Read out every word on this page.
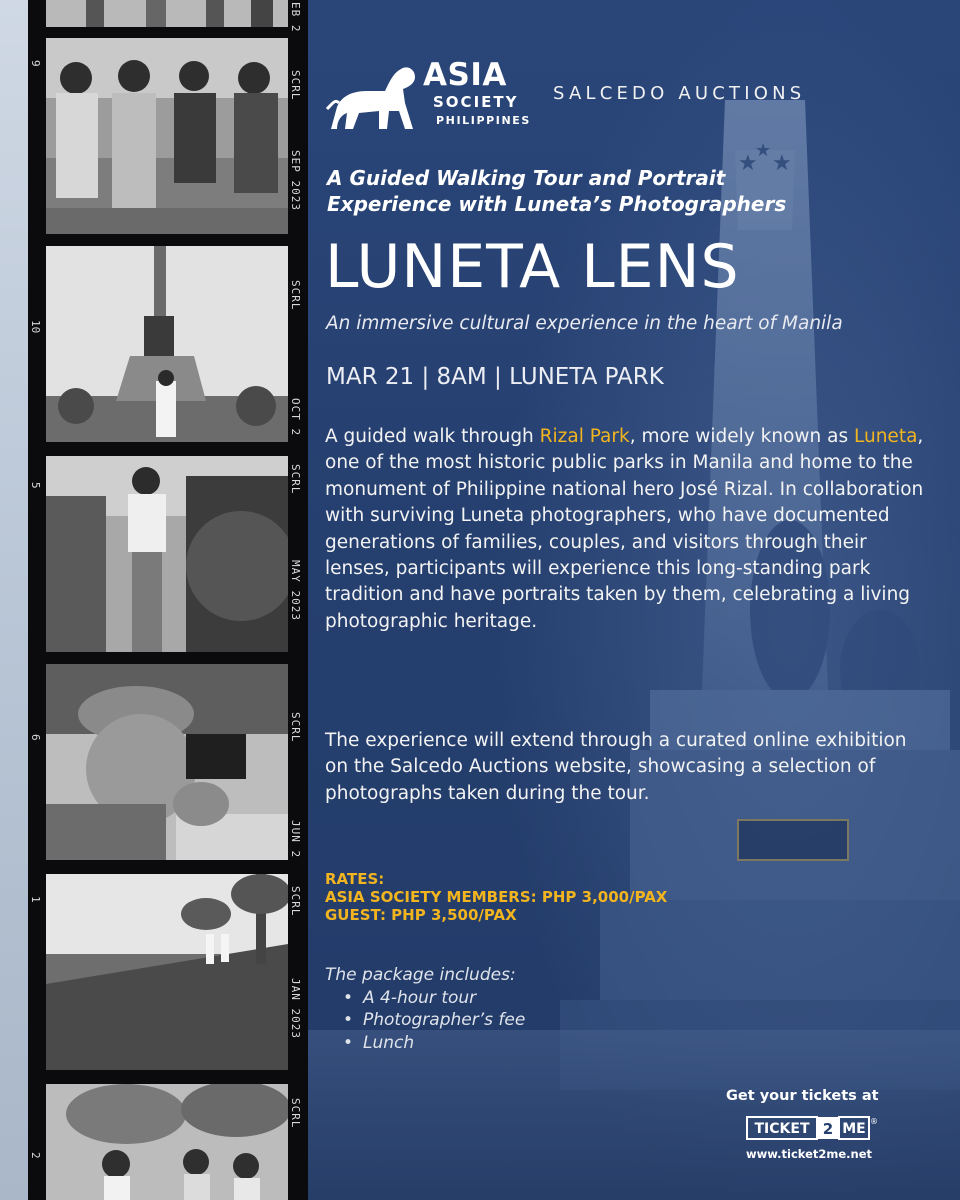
★ ★
★
EB 2
SCRL
SEP 2023
SCRL
OCT 2
SCRL
MAY 2023
SCRL
JUN 2
SCRL
JAN 2023
SCRL
9
10
5
6
1
2
ASIA
SOCIETY
PHILIPPINES
SALCEDO AUCTIONS
A Guided Walking Tour and Portrait
Experience with Luneta’s Photographers
LUNETA LENS
An immersive cultural experience in the heart of Manila
MAR 21 | 8AM | LUNETA PARK

A guided walk through Rizal Park, more widely known as Luneta, one of the most historic public parks in Manila and home to the monument of Philippine national hero José Rizal. In collaboration with surviving Luneta photographers, who have documented generations of families, couples, and visitors through their lenses, participants will experience this long-standing park tradition and have portraits taken by them, celebrating a living photographic heritage.

The experience will extend through a curated online exhibition on the Salcedo Auctions website, showcasing a selection of photographs taken during the tour.

RATES:
ASIA SOCIETY MEMBERS: PHP 3,000/PAX
GUEST: PHP 3,500/PAX
The package includes:
• A 4-hour tour
• Photographer’s fee
• Lunch
Get your tickets at
TICKET 2 ME ®
www.ticket2me.net
